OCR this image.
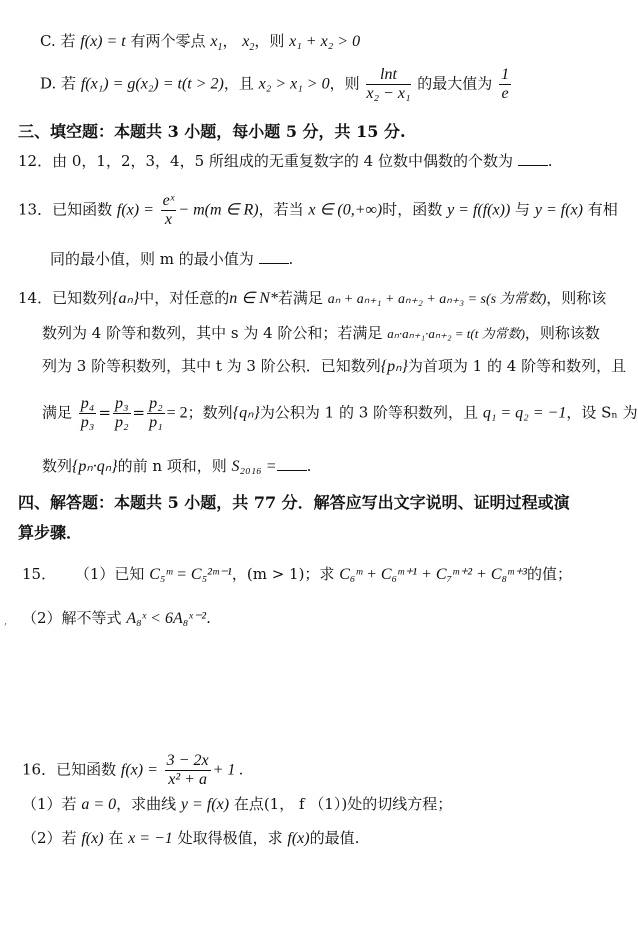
C. 若 f(x) = t 有两个零点 $x_1$， $x_2$，则 x₁ + x₂ > 0
D. 若 f(x₁) = g(x₂) = t(t > 2)，且 x₂ > x₁ > 0，则 $\frac{\ln t}{\text{x₂ − x₁}}$ 的最大值为 $\frac{1}{e}$
三、填空题：本题共 3 小题，每小题 5 分，共 15 分.
12．由 0，1，2，3，4，5 所组成的无重复数字的 4 位数中偶数的个数为 .
13．已知函数 $f(x) = \frac{\text{eˣ}}{x} - m(m$ ∈ R)，若当 x ∈ (0,+∞)时，函数 y = f(f(x)) 与 y = f(x) 有相
同的最小值，则 m 的最小值为 .
14．已知数列{aₙ}中，对任意的n ∈ N*若满足 aₙ + aₙ₊₁ + aₙ₊₂ + aₙ₊₃ = s(s 为常数)，则称该
数列为 4 阶等和数列，其中 s 为 4 阶公和；若满足 aₙ·aₙ₊₁·aₙ₊₂ = t(t 为常数)，则称该数
列为 3 阶等积数列，其中 t 为 3 阶公积．已知数列{pₙ}为首项为 1 的 4 阶等和数列，且
满足 $\frac{\text{p₄}}{\text{p₃}} = \frac{\text{p₃}}{\text{p₂}} = \frac{\text{p₂}}{\text{p₁}} = 2$；数列{qₙ}为公积为 1 的 3 阶等积数列，且 q₁ = q₂ = −1，设 Sₙ 为
数列{pₙ·qₙ}的前 n 项和，则 S₂₀₁₆ = .
四、解答题：本题共 5 小题，共 77 分．解答应写出文字说明、证明过程或演
算步骤．
15． （1）已知 C₅ᵐ = C₅²ᵐ⁻¹，(m > 1)；求 C₆ᵐ + C₆ᵐ⁺¹ + C₇ᵐ⁺² + C₈ᵐ⁺³的值；
, （2）解不等式 A₈ˣ < 6A₈ˣ⁻².
16．已知函数 $f(x) = \frac{3 - 2x}{\text{x² + a}} + 1$ .
（1）若 a = 0，求曲线 y = f(x) 在点(1， f （1）)处的切线方程；
（2）若 f(x) 在 x = −1 处取得极值，求 f(x)的最值.
